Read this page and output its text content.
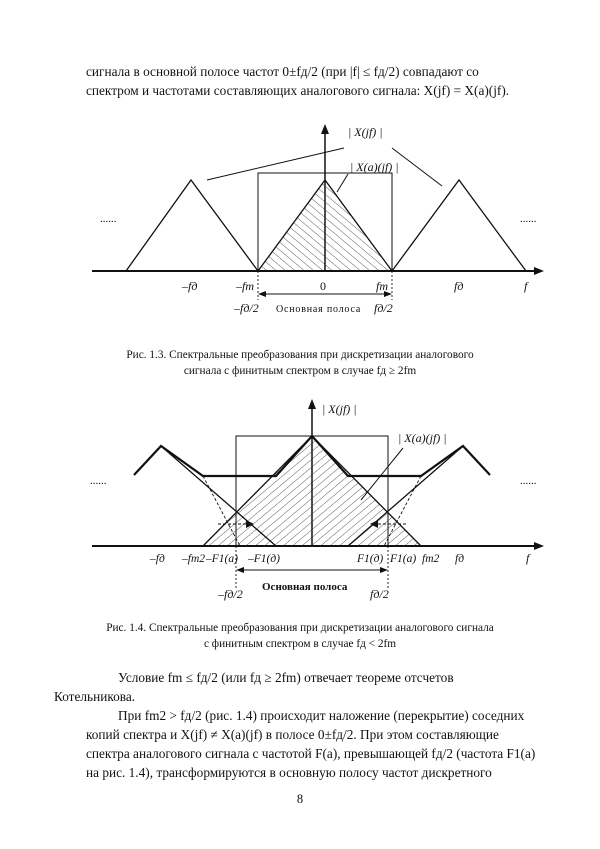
сигнала в основной полосе частот 0±fд/2 (при |f| ≤ fд/2) совпадают со
спектром и частотами составляющих аналогового сигнала: X(jf) = X(а)(jf).

| X(jf) |
| X(а)(jf) |
......	......
–fд	–fm	0	fm	fд	f
–fд/2 Основная полоса fд/2
| X(jf) |
| X(а)(jf) |
......	......
–fд –fm2 –F1(а) –F1(д)	F1(д) F1(а) fm2 fд	f
Основная полоса
–fд/2	fд/2
Рис. 1.3. Спектральные преобразования при дискретизации аналогового
сигнала с финитным спектром в случае fд ≥ 2fm
Рис. 1.4. Спектральные преобразования при дискретизации аналогового сигнала
с финитным спектром в случае fд < 2fm

Условие fm ≤ fд/2 (или fд ≥ 2fm) отвечает теореме отсчетов
Котельникова.

При fm2 > fд/2 (рис. 1.4) происходит наложение (перекрытие) соседних
копий спектра и X(jf) ≠ X(а)(jf) в полосе 0±fд/2. При этом составляющие
спектра аналогового сигнала с частотой F(а), превышающей fд/2 (частота F1(а)
на рис. 1.4), трансформируются в основную полосу частот дискретного

8
